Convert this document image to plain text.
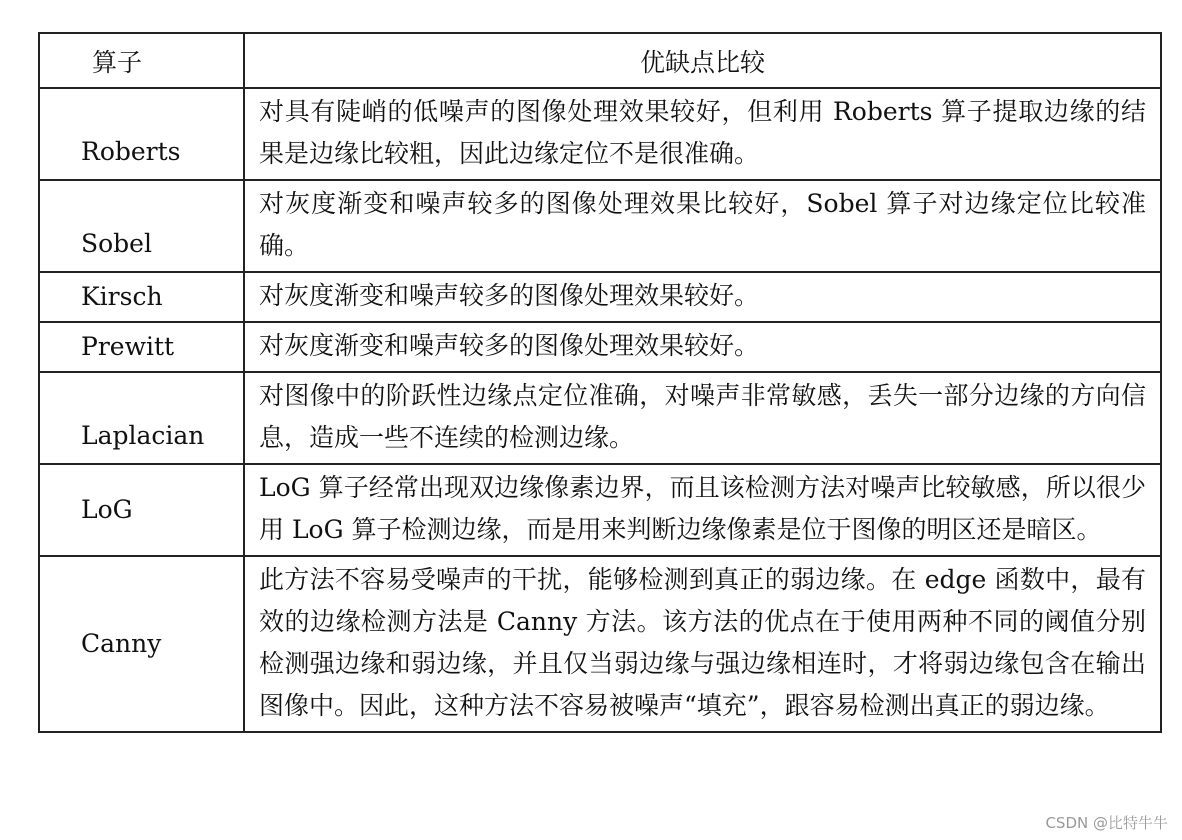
算子	优缺点比较
Roberts	对具有陡峭的低噪声的图像处理效果较好，但利用 Roberts 算子提取边缘的结果是边缘比较粗，因此边缘定位不是很准确。
Sobel	对灰度渐变和噪声较多的图像处理效果比较好，Sobel 算子对边缘定位比较准确。
Kirsch	对灰度渐变和噪声较多的图像处理效果较好。
Prewitt	对灰度渐变和噪声较多的图像处理效果较好。
Laplacian	对图像中的阶跃性边缘点定位准确，对噪声非常敏感，丢失一部分边缘的方向信息，造成一些不连续的检测边缘。
LoG	LoG 算子经常出现双边缘像素边界，而且该检测方法对噪声比较敏感，所以很少用 LoG 算子检测边缘，而是用来判断边缘像素是位于图像的明区还是暗区。
Canny	此方法不容易受噪声的干扰，能够检测到真正的弱边缘。在 edge 函数中，最有效的边缘检测方法是 Canny 方法。该方法的优点在于使用两种不同的阈值分别检测强边缘和弱边缘，并且仅当弱边缘与强边缘相连时，才将弱边缘包含在输出图像中。因此，这种方法不容易被噪声“填充”，跟容易检测出真正的弱边缘。
CSDN @比特牛牛
